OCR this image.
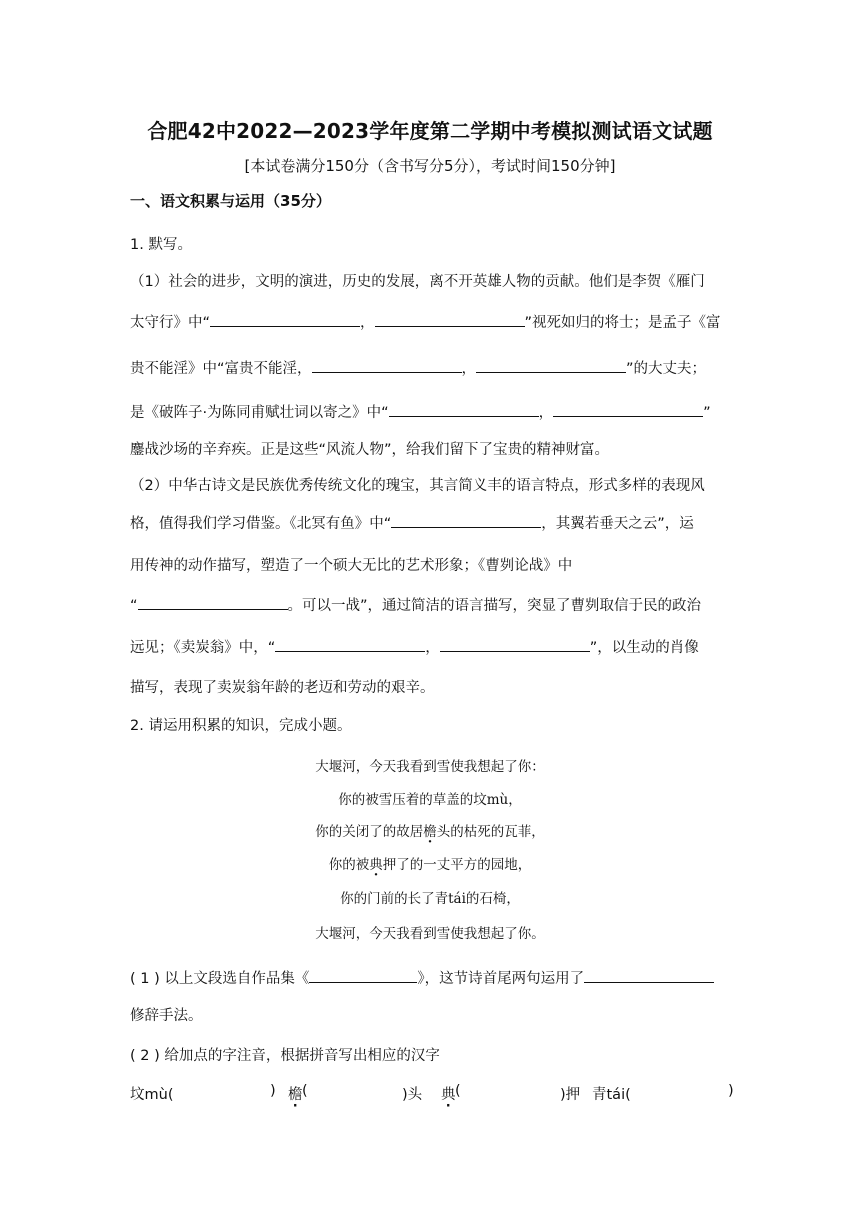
合肥42中2022—2023学年度第二学期中考模拟测试语文试题
[本试卷满分150分（含书写分5分），考试时间150分钟]
一、语文积累与运用（35分）
1. 默写。
（1）社会的进步，文明的演进，历史的发展，离不开英雄人物的贡献。他们是李贺《雁门
太守行》中“	，	”视死如归的将士；是孟子《富
贵不能淫》中“富贵不能淫，	，	”的大丈夫；
是《破阵子·为陈同甫赋壮词以寄之》中“	，	”
鏖战沙场的辛弃疾。正是这些“风流人物”，给我们留下了宝贵的精神财富。
（2）中华古诗文是民族优秀传统文化的瑰宝，其言简义丰的语言特点，形式多样的表现风
格，值得我们学习借鉴。《北冥有鱼》中“	，其翼若垂天之云”，运
用传神的动作描写，塑造了一个硕大无比的艺术形象；《曹刿论战》中
“	。可以一战”，通过简洁的语言描写，突显了曹刿取信于民的政治
远见；《卖炭翁》中，“	，	”，以生动的肖像
描写，表现了卖炭翁年龄的老迈和劳动的艰辛。
2. 请运用积累的知识，完成小题。
大堰河，今天我看到雪使我想起了你：
你的被雪压着的草盖的坟mù，
你的关闭了的故居檐头的枯死的瓦菲，
你的被典押了的一丈平方的园地，
你的门前的长了青tái的石椅，
大堰河，今天我看到雪使我想起了你。
( 1 ) 以上文段选自作品集《	》，这节诗首尾两句运用了
修辞手法。
( 2 ) 给加点的字注音，根据拼音写出相应的汉字
坟mù(	) 檐 · (	)头 典 · (	)押 青tái(	)
